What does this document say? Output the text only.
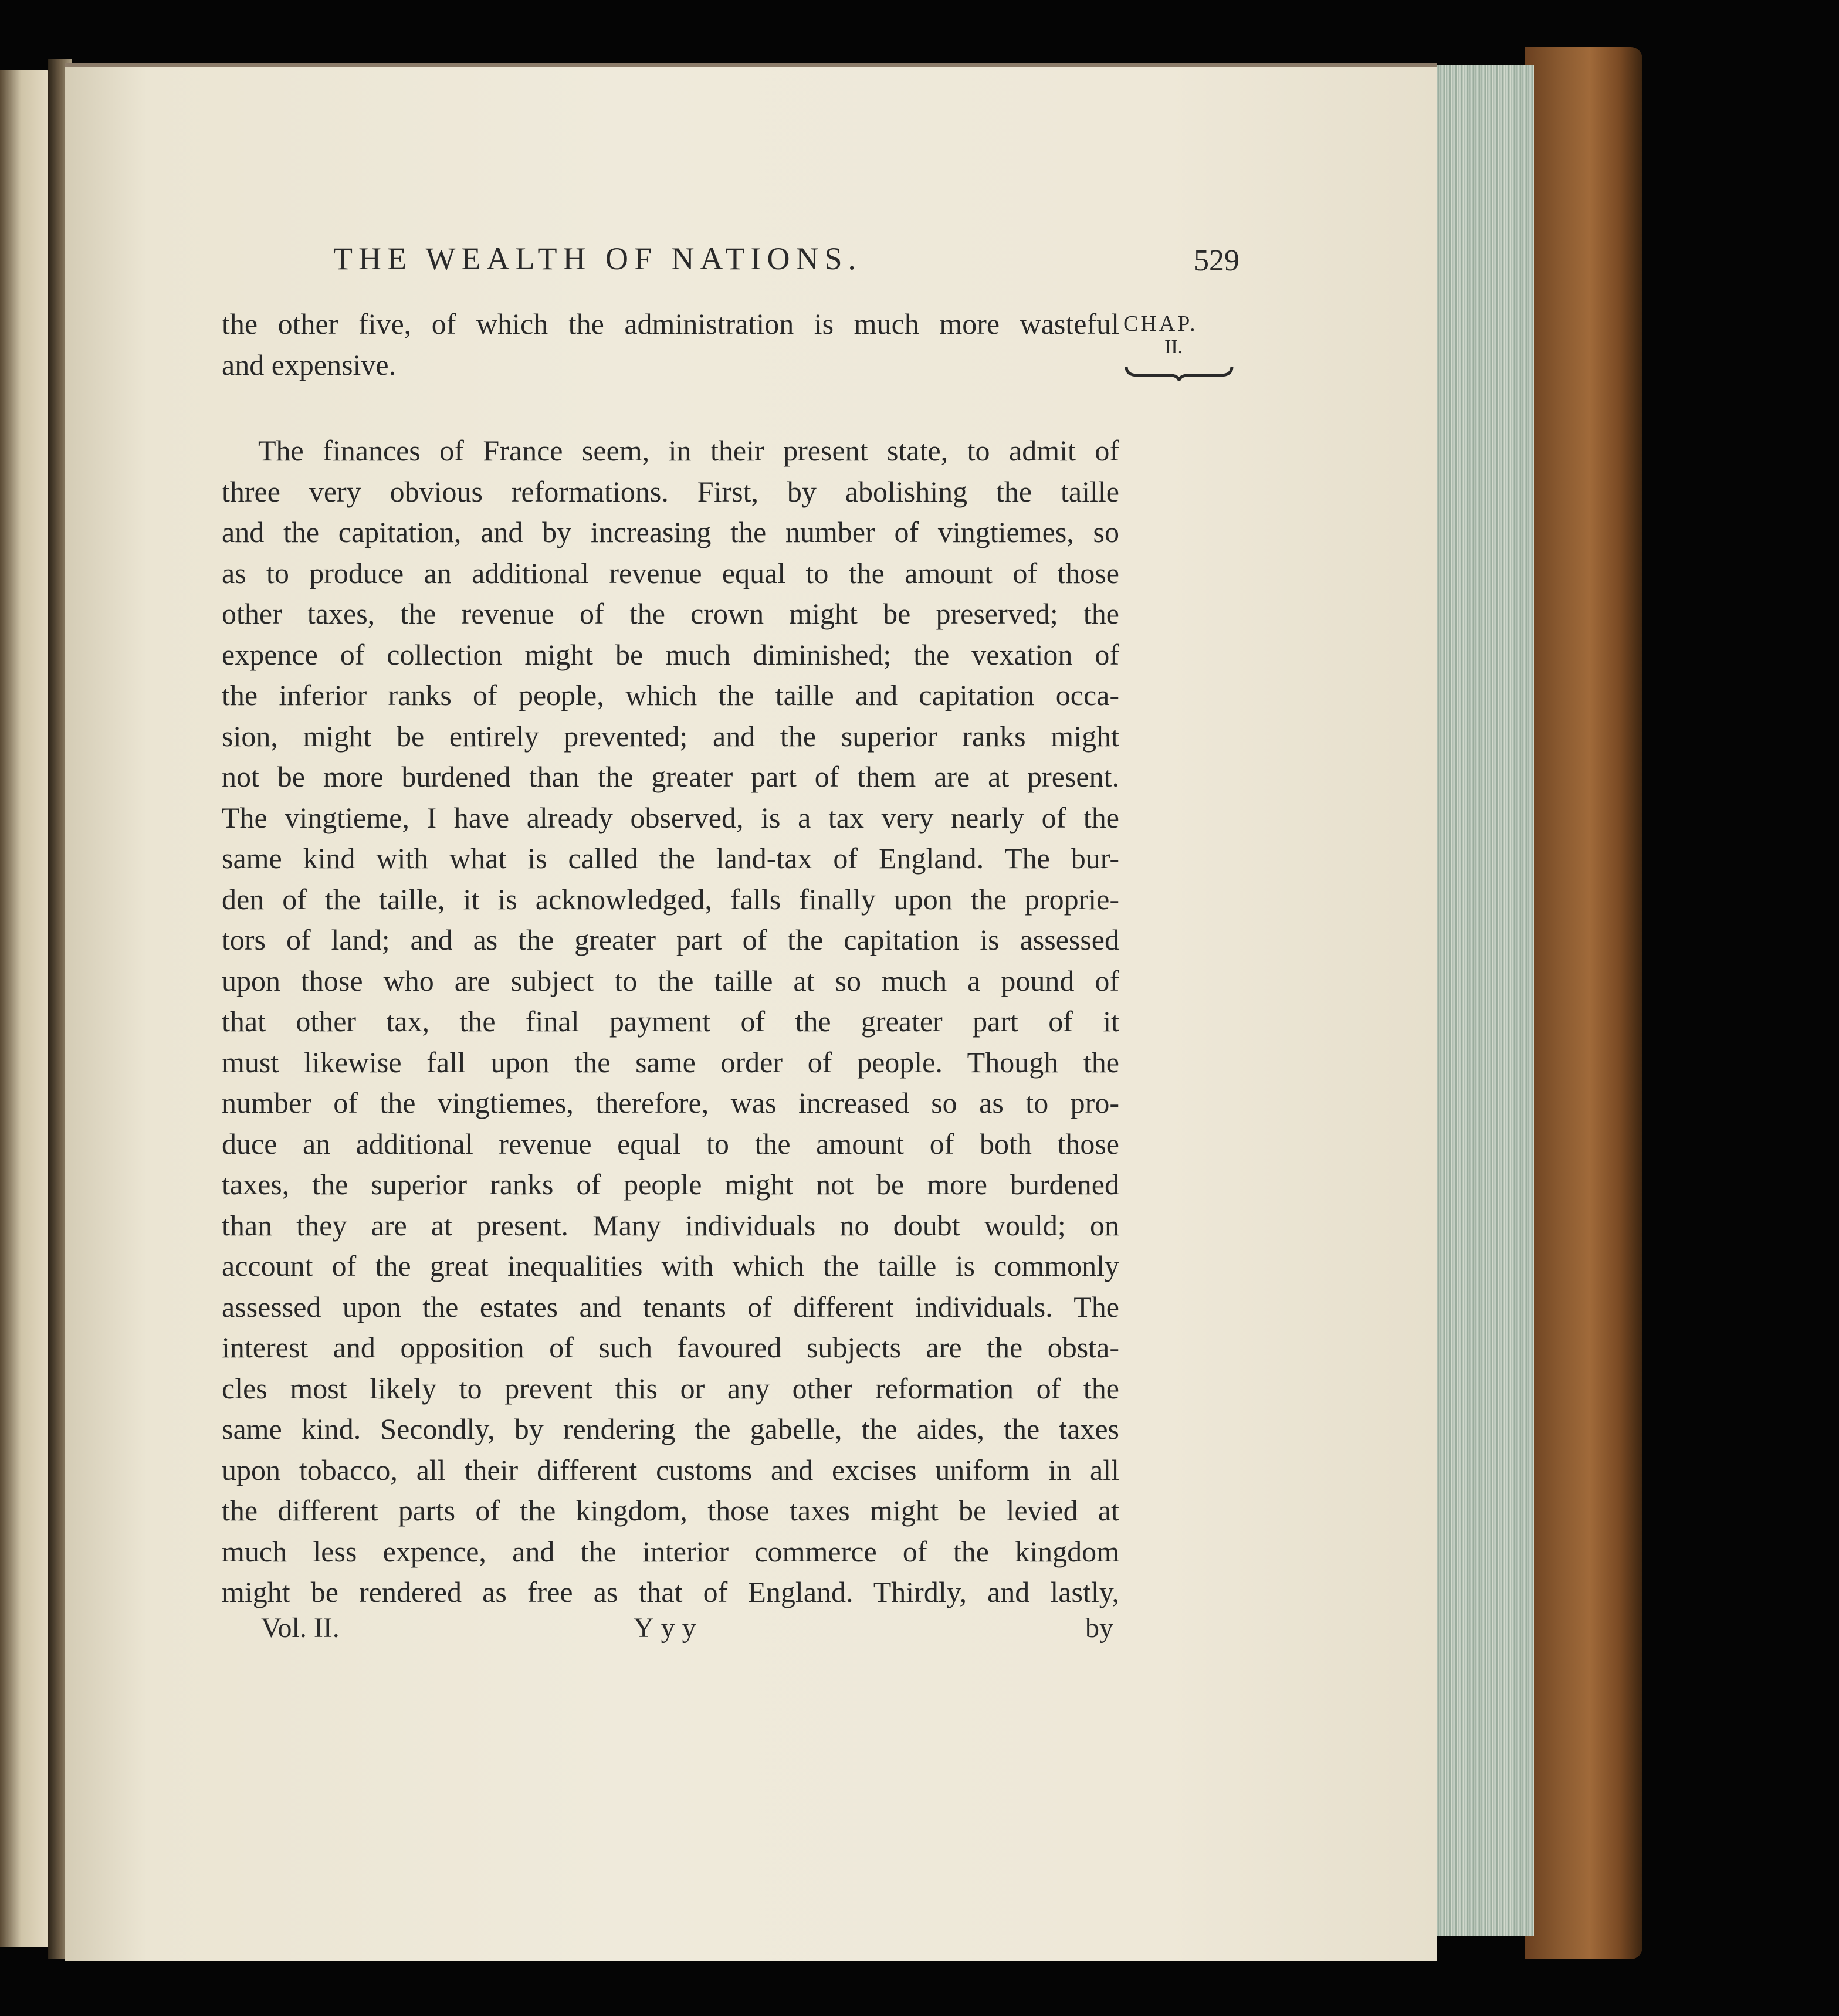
THE WEALTH OF NATIONS.	529
CHAP.
II.
the other five, of which the administration is much more wasteful
and expensive.
The finances of France seem, in their present state, to admit of
three very obvious reformations. First, by abolishing the taille
and the capitation, and by increasing the number of vingtiemes, so
as to produce an additional revenue equal to the amount of those
other taxes, the revenue of the crown might be preserved; the
expence of collection might be much diminished; the vexation of
the inferior ranks of people, which the taille and capitation occa-
sion, might be entirely prevented; and the superior ranks might
not be more burdened than the greater part of them are at present.
The vingtieme, I have already observed, is a tax very nearly of the
same kind with what is called the land-tax of England. The bur-
den of the taille, it is acknowledged, falls finally upon the proprie-
tors of land; and as the greater part of the capitation is assessed
upon those who are subject to the taille at so much a pound of
that other tax, the final payment of the greater part of it
must likewise fall upon the same order of people. Though the
number of the vingtiemes, therefore, was increased so as to pro-
duce an additional revenue equal to the amount of both those
taxes, the superior ranks of people might not be more burdened
than they are at present. Many individuals no doubt would; on
account of the great inequalities with which the taille is commonly
assessed upon the estates and tenants of different individuals. The
interest and opposition of such favoured subjects are the obsta-
cles most likely to prevent this or any other reformation of the
same kind. Secondly, by rendering the gabelle, the aides, the taxes
upon tobacco, all their different customs and excises uniform in all
the different parts of the kingdom, those taxes might be levied at
much less expence, and the interior commerce of the kingdom
might be rendered as free as that of England. Thirdly, and lastly,
Vol. II.	Yyy	by
